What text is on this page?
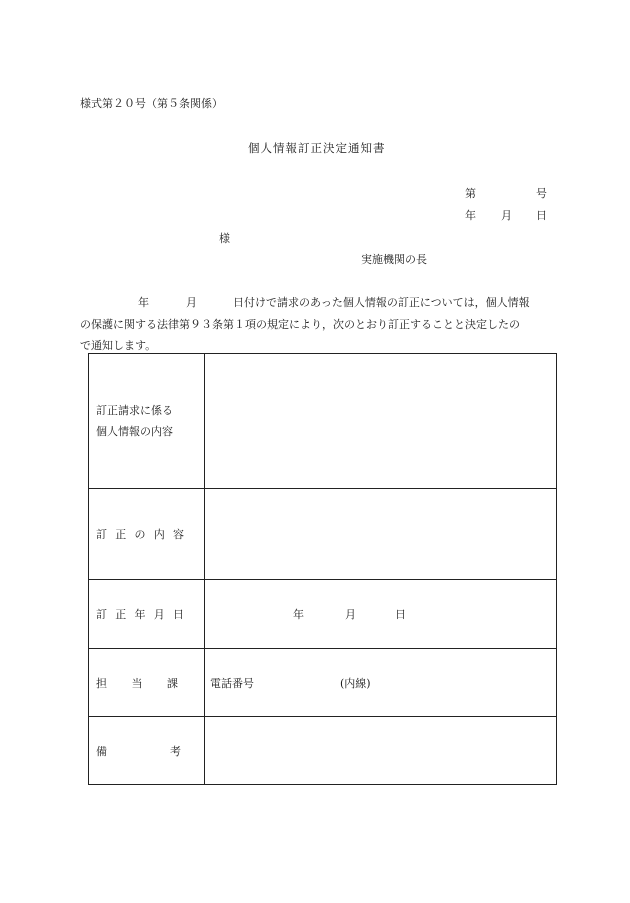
様式第２０号（第５条関係）
個人情報訂正決定通知書
第	号
年 月 日
様
実施機関の長
年	月	日付けで請求のあった個人情報の訂正については，個人情報
の保護に関する法律第９３条第１項の規定により，次のとおり訂正することと決定したの
で通知します。
訂正請求に係る
個人情報の内容	

訂 正 の 内 容	

訂 正 年 月 日	年 月 日

担 当 課	電話番号 (内線)

備 考	
